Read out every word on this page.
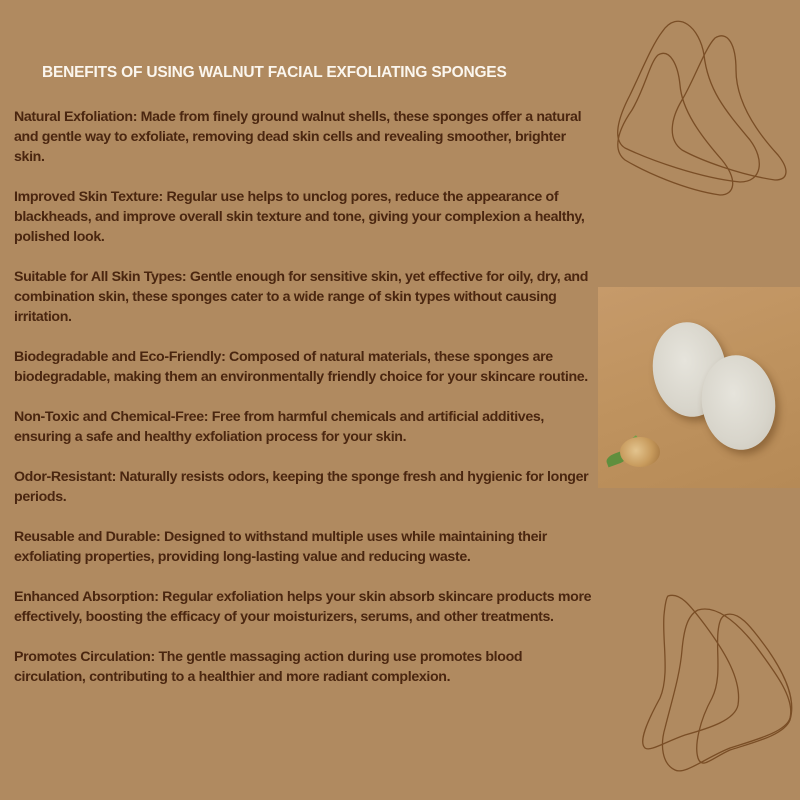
BENEFITS OF USING WALNUT FACIAL EXFOLIATING SPONGES
Natural Exfoliation: Made from finely ground walnut shells, these sponges offer a natural and gentle way to exfoliate, removing dead skin cells and revealing smoother, brighter skin.
Improved Skin Texture: Regular use helps to unclog pores, reduce the appearance of blackheads, and improve overall skin texture and tone, giving your complexion a healthy, polished look.
Suitable for All Skin Types: Gentle enough for sensitive skin, yet effective for oily, dry, and combination skin, these sponges cater to a wide range of skin types without causing irritation.
Biodegradable and Eco-Friendly: Composed of natural materials, these sponges are biodegradable, making them an environmentally friendly choice for your skincare routine.
Non-Toxic and Chemical-Free: Free from harmful chemicals and artificial additives, ensuring a safe and healthy exfoliation process for your skin.
Odor-Resistant: Naturally resists odors, keeping the sponge fresh and hygienic for longer periods.
Reusable and Durable: Designed to withstand multiple uses while maintaining their exfoliating properties, providing long-lasting value and reducing waste.
Enhanced Absorption: Regular exfoliation helps your skin absorb skincare products more effectively, boosting the efficacy of your moisturizers, serums, and other treatments.
Promotes Circulation: The gentle massaging action during use promotes blood circulation, contributing to a healthier and more radiant complexion.
